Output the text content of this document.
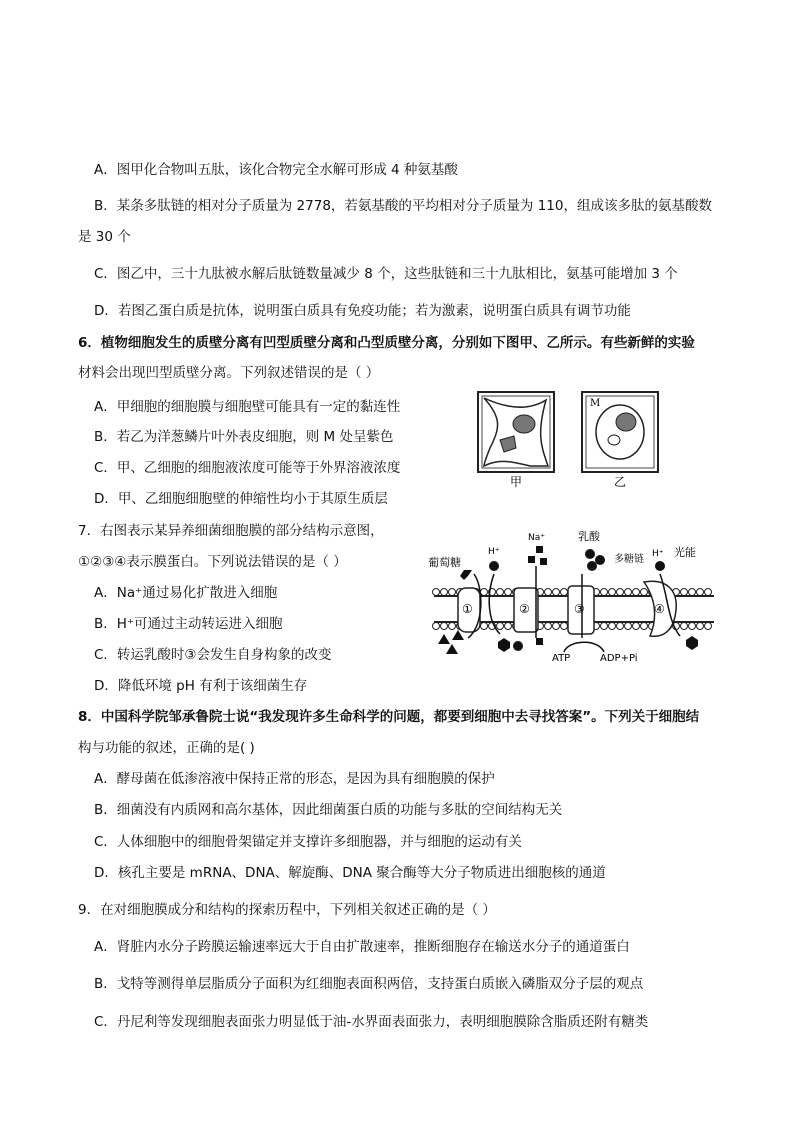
A．图甲化合物叫五肽，该化合物完全水解可形成 4 种氨基酸
B．某条多肽链的相对分子质量为 2778，若氨基酸的平均相对分子质量为 110，组成该多肽的氨基酸数
是 30 个
C．图乙中，三十九肽被水解后肽链数量减少 8 个，这些肽链和三十九肽相比，氨基可能增加 3 个
D．若图乙蛋白质是抗体，说明蛋白质具有免疫功能；若为激素，说明蛋白质具有调节功能
6．植物细胞发生的质壁分离有凹型质壁分离和凸型质壁分离，分别如下图甲、乙所示。有些新鲜的实验
材料会出现凹型质壁分离。下列叙述错误的是（ ）
A．甲细胞的细胞膜与细胞壁可能具有一定的黏连性
B．若乙为洋葱鳞片叶外表皮细胞，则 M 处呈紫色
C．甲、乙细胞的细胞液浓度可能等于外界溶液浓度
D．甲、乙细胞细胞壁的伸缩性均小于其原生质层
M
甲	乙
7．右图表示某异养细菌细胞膜的部分结构示意图，
①②③④表示膜蛋白。下列说法错误的是（ ）
A．Na⁺通过易化扩散进入细胞
B．H⁺可通过主动转运进入细胞
C．转运乳酸时③会发生自身构象的改变
D．降低环境 pH 有利于该细菌生存
①	②	③	④
葡萄糖
H⁺
Na⁺	乳酸
多糖链 H⁺ 光能
ATP	ADP+Pi
8．中国科学院邹承鲁院士说“我发现许多生命科学的问题，都要到细胞中去寻找答案”。下列关于细胞结
构与功能的叙述，正确的是( )
A．酵母菌在低渗溶液中保持正常的形态，是因为具有细胞膜的保护
B．细菌没有内质网和高尔基体，因此细菌蛋白质的功能与多肽的空间结构无关
C．人体细胞中的细胞骨架锚定并支撑许多细胞器，并与细胞的运动有关
D．核孔主要是 mRNA、DNA、解旋酶、DNA 聚合酶等大分子物质进出细胞核的通道
9．在对细胞膜成分和结构的探索历程中，下列相关叙述正确的是（ ）
A．肾脏内水分子跨膜运输速率远大于自由扩散速率，推断细胞存在输送水分子的通道蛋白
B．戈特等测得单层脂质分子面积为红细胞表面积两倍，支持蛋白质嵌入磷脂双分子层的观点
C．丹尼利等发现细胞表面张力明显低于油-水界面表面张力，表明细胞膜除含脂质还附有糖类
